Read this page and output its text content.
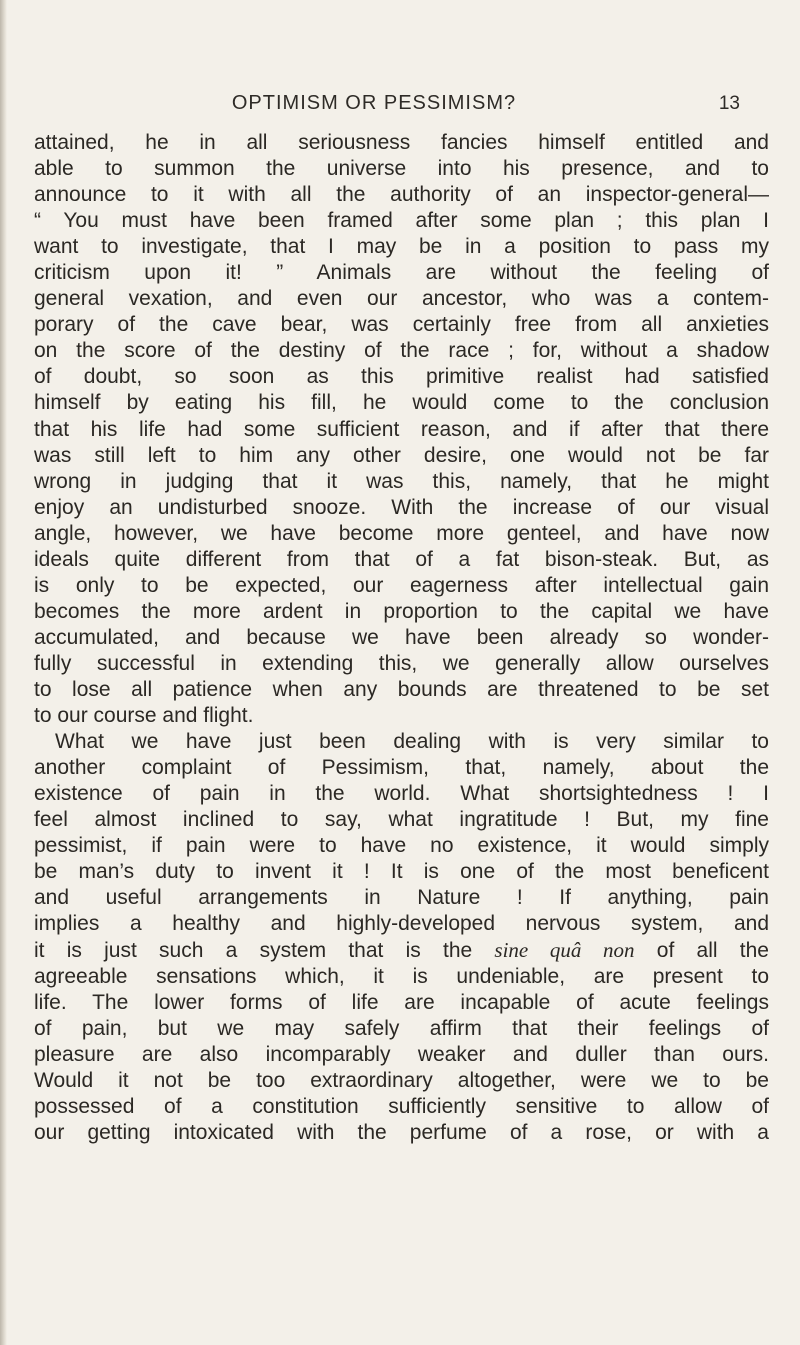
OPTIMISM OR PESSIMISM?	13
attained, he in all seriousness fancies himself entitled and
able to summon the universe into his presence, and to
announce to it with all the authority of an inspector-general—
“ You must have been framed after some plan ; this plan I
want to investigate, that I may be in a position to pass my
criticism upon it! ” Animals are without the feeling of
general vexation, and even our ancestor, who was a contem-
porary of the cave bear, was certainly free from all anxieties
on the score of the destiny of the race ; for, without a shadow
of doubt, so soon as this primitive realist had satisfied
himself by eating his fill, he would come to the conclusion
that his life had some sufficient reason, and if after that there
was still left to him any other desire, one would not be far
wrong in judging that it was this, namely, that he might
enjoy an undisturbed snooze. With the increase of our visual
angle, however, we have become more genteel, and have now
ideals quite different from that of a fat bison-steak. But, as
is only to be expected, our eagerness after intellectual gain
becomes the more ardent in proportion to the capital we have
accumulated, and because we have been already so wonder-
fully successful in extending this, we generally allow ourselves
to lose all patience when any bounds are threatened to be set
to our course and flight.
What we have just been dealing with is very similar to
another complaint of Pessimism, that, namely, about the
existence of pain in the world. What shortsightedness ! I
feel almost inclined to say, what ingratitude ! But, my fine
pessimist, if pain were to have no existence, it would simply
be man’s duty to invent it ! It is one of the most beneficent
and useful arrangements in Nature ! If anything, pain
implies a healthy and highly-developed nervous system, and
it is just such a system that is the sine quâ non of all the
agreeable sensations which, it is undeniable, are present to
life. The lower forms of life are incapable of acute feelings
of pain, but we may safely affirm that their feelings of
pleasure are also incomparably weaker and duller than ours.
Would it not be too extraordinary altogether, were we to be
possessed of a constitution sufficiently sensitive to allow of
our getting intoxicated with the perfume of a rose, or with a
